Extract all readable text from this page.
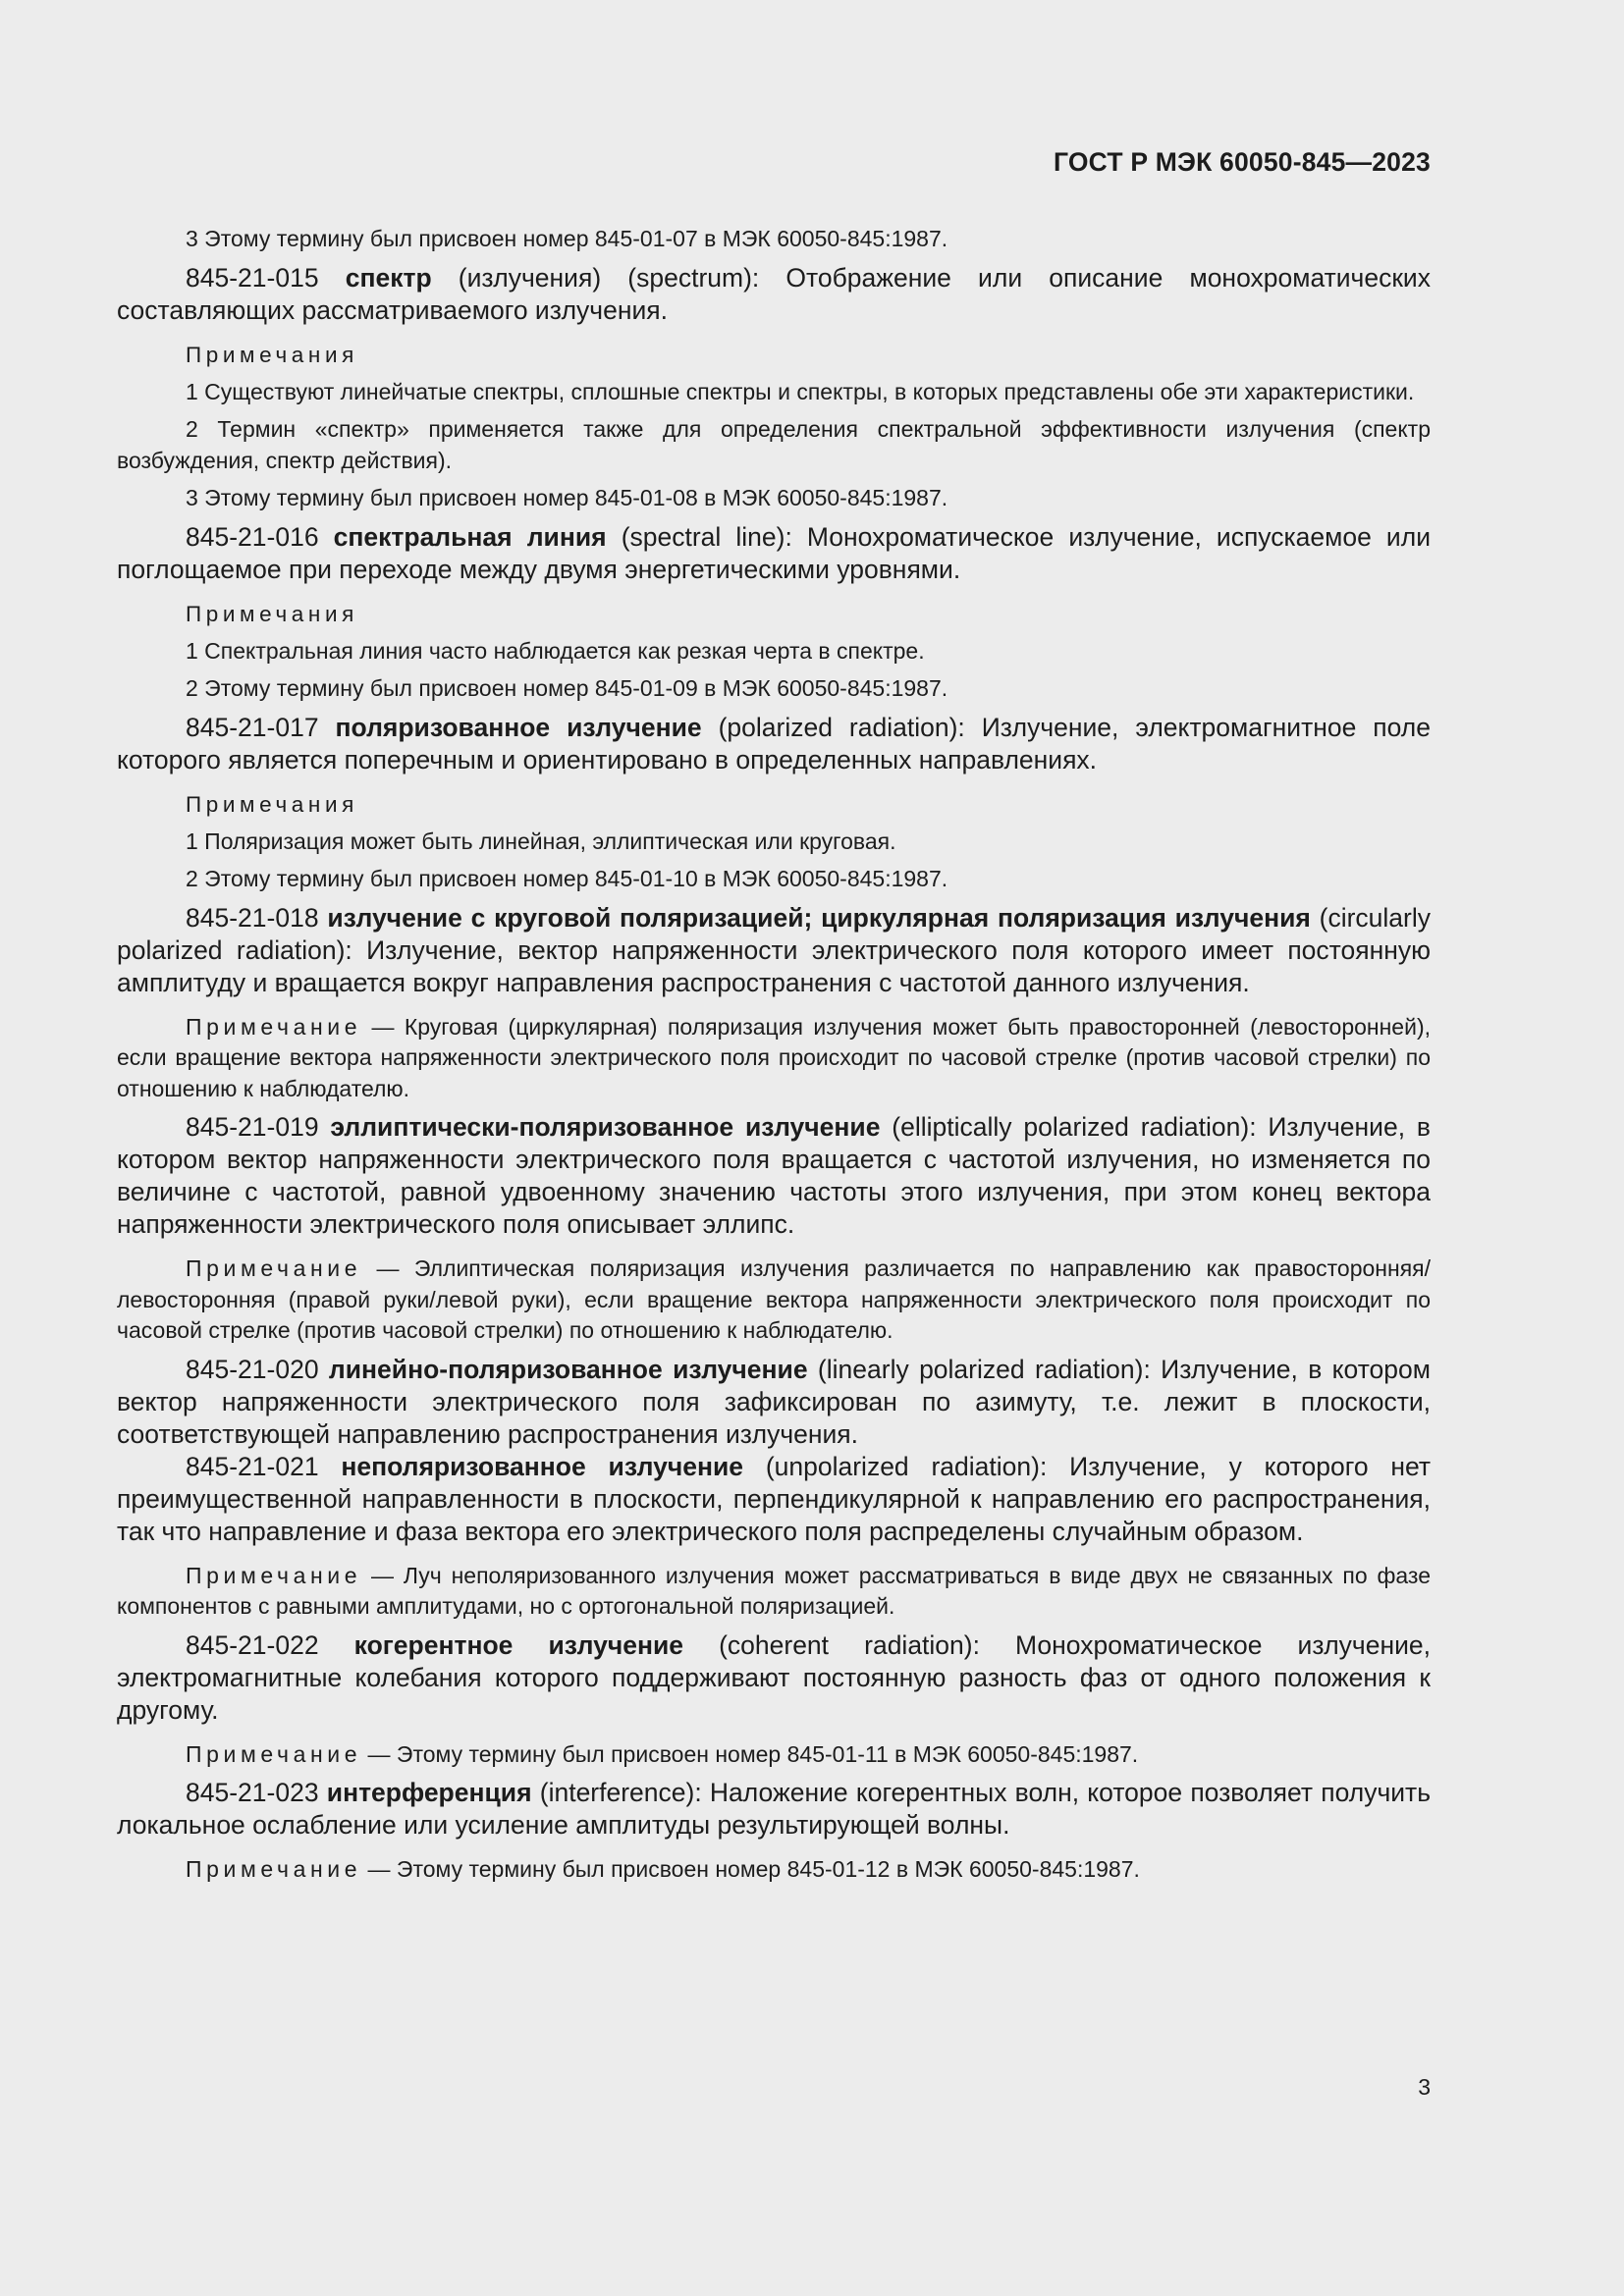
ГОСТ Р МЭК 60050-845—2023

3 Этому термину был присвоен номер 845-01-07 в МЭК 60050-845:1987.

845-21-015 спектр (излучения) (spectrum): Отображение или описание монохроматических составляющих рассматриваемого излучения.

Примечания

1 Существуют линейчатые спектры, сплошные спектры и спектры, в которых представлены обе эти характеристики.

2 Термин «спектр» применяется также для определения спектральной эффективности излучения (спектр возбуждения, спектр действия).

3 Этому термину был присвоен номер 845-01-08 в МЭК 60050-845:1987.

845-21-016 спектральная линия (spectral line): Монохроматическое излучение, испускаемое или поглощаемое при переходе между двумя энергетическими уровнями.

Примечания

1 Спектральная линия часто наблюдается как резкая черта в спектре.

2 Этому термину был присвоен номер 845-01-09 в МЭК 60050-845:1987.

845-21-017 поляризованное излучение (polarized radiation): Излучение, электромагнитное поле которого является поперечным и ориентировано в определенных направлениях.

Примечания

1 Поляризация может быть линейная, эллиптическая или круговая.

2 Этому термину был присвоен номер 845-01-10 в МЭК 60050-845:1987.

845-21-018 излучение с круговой поляризацией; циркулярная поляризация излучения (circularly polarized radiation): Излучение, вектор напряженности электрического поля которого имеет постоянную амплитуду и вращается вокруг направления распространения с частотой данного излучения.

Примечание — Круговая (циркулярная) поляризация излучения может быть правосторонней (левосторонней), если вращение вектора напряженности электрического поля происходит по часовой стрелке (против часовой стрелки) по отношению к наблюдателю.

845-21-019 эллиптически-поляризованное излучение (elliptically polarized radiation): Излучение, в котором вектор напряженности электрического поля вращается с частотой излучения, но изменяется по величине с частотой, равной удвоенному значению частоты этого излучения, при этом конец вектора напряженности электрического поля описывает эллипс.

Примечание — Эллиптическая поляризация излучения различается по направлению как правосторонняя/левосторонняя (правой руки/левой руки), если вращение вектора напряженности электрического поля происходит по часовой стрелке (против часовой стрелки) по отношению к наблюдателю.

845-21-020 линейно-поляризованное излучение (linearly polarized radiation): Излучение, в котором вектор напряженности электрического поля зафиксирован по азимуту, т.е. лежит в плоскости, соответствующей направлению распространения излучения.

845-21-021 неполяризованное излучение (unpolarized radiation): Излучение, у которого нет преимущественной направленности в плоскости, перпендикулярной к направлению его распространения, так что направление и фаза вектора его электрического поля распределены случайным образом.

Примечание — Луч неполяризованного излучения может рассматриваться в виде двух не связанных по фазе компонентов с равными амплитудами, но с ортогональной поляризацией.

845-21-022 когерентное излучение (coherent radiation): Монохроматическое излучение, электромагнитные колебания которого поддерживают постоянную разность фаз от одного положения к другому.

Примечание — Этому термину был присвоен номер 845-01-11 в МЭК 60050-845:1987.

845-21-023 интерференция (interference): Наложение когерентных волн, которое позволяет получить локальное ослабление или усиление амплитуды результирующей волны.

Примечание — Этому термину был присвоен номер 845-01-12 в МЭК 60050-845:1987.

3
